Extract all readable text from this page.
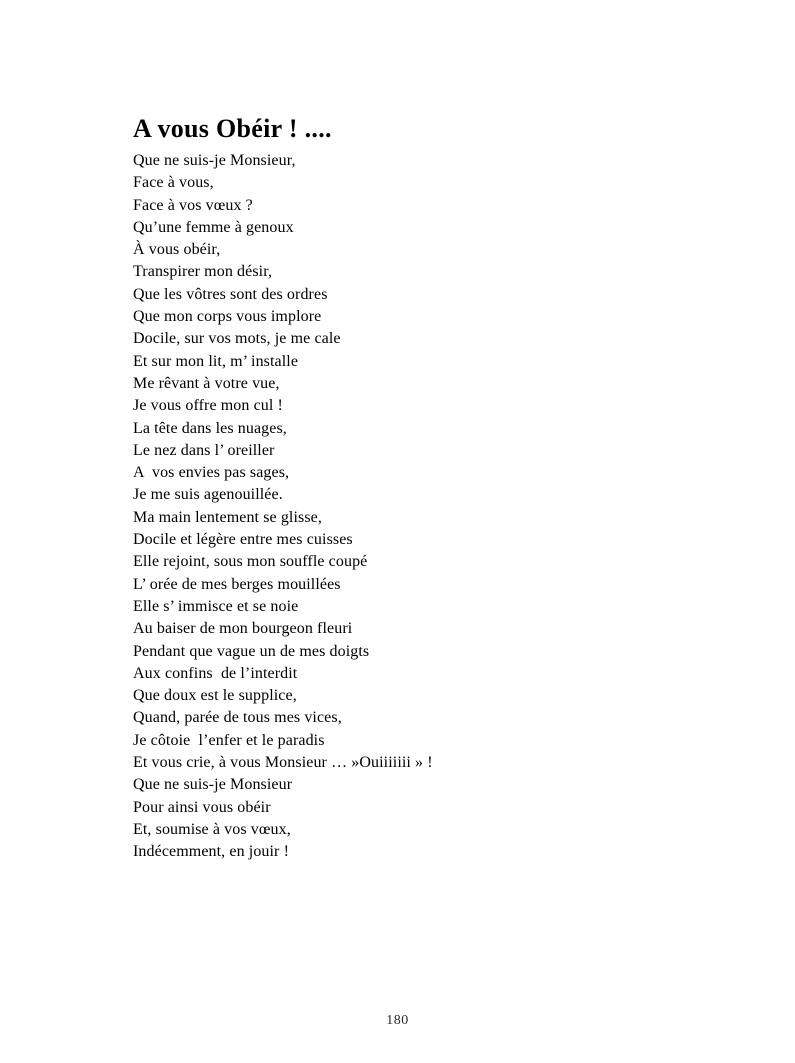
A vous Obéir ! ....
Que ne suis-je Monsieur,
Face à vous,
Face à vos vœux ?
Qu’une femme à genoux
À vous obéir,
Transpirer mon désir,
Que les vôtres sont des ordres
Que mon corps vous implore
Docile, sur vos mots, je me cale
Et sur mon lit, m’ installe
Me rêvant à votre vue,
Je vous offre mon cul !
La tête dans les nuages,
Le nez dans l’ oreiller
A  vos envies pas sages,
Je me suis agenouillée.
Ma main lentement se glisse,
Docile et légère entre mes cuisses
Elle rejoint, sous mon souffle coupé
L’ orée de mes berges mouillées
Elle s’ immisce et se noie
Au baiser de mon bourgeon fleuri
Pendant que vague un de mes doigts
Aux confins  de l’interdit
Que doux est le supplice,
Quand, parée de tous mes vices,
Je côtoie  l’enfer et le paradis
Et vous crie, à vous Monsieur … »Ouiiiiiii » !
Que ne suis-je Monsieur
Pour ainsi vous obéir
Et, soumise à vos vœux,
Indécemment, en jouir !
180
